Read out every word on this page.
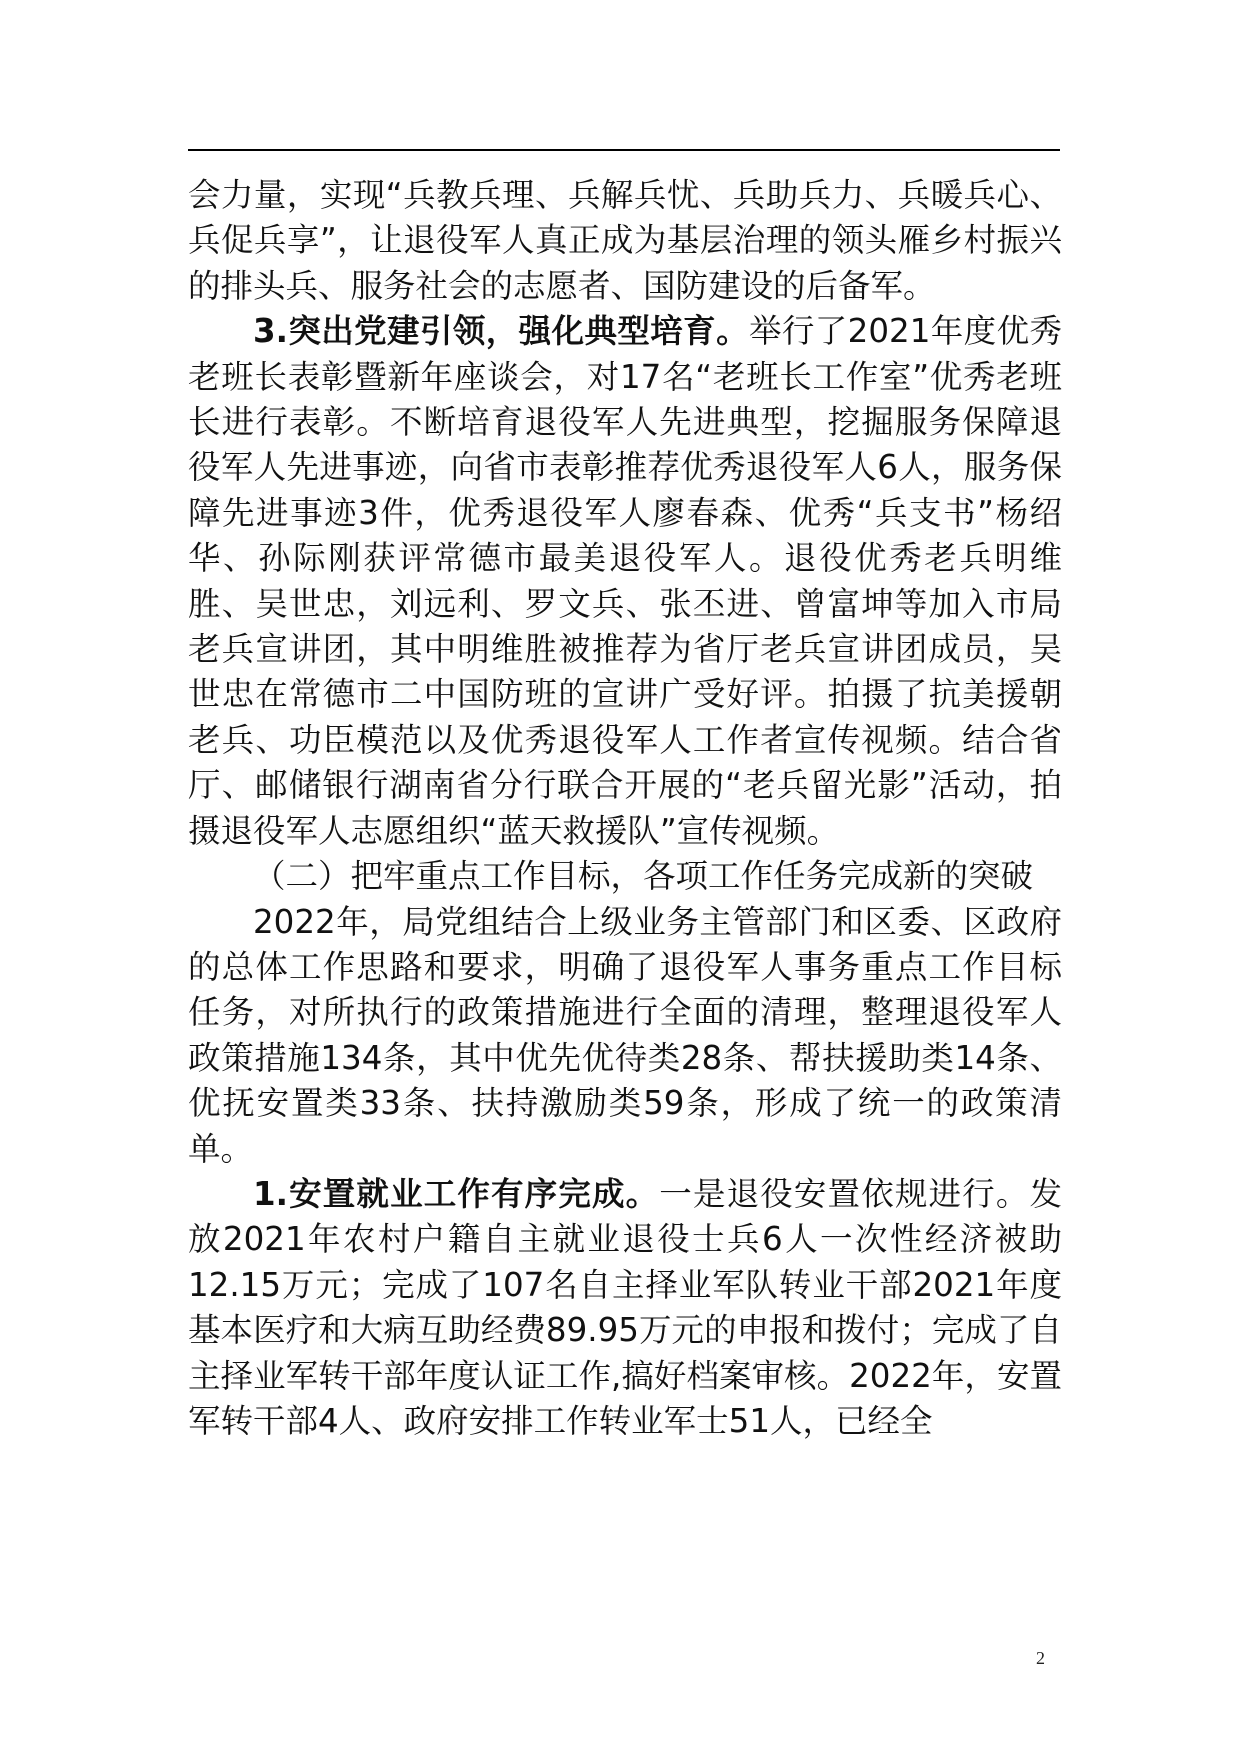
会力量，实现“兵教兵理、兵解兵忧、兵助兵力、兵暖兵心、兵促兵享”，让退役军人真正成为基层治理的领头雁乡村振兴的排头兵、服务社会的志愿者、国防建设的后备军。

3.突出党建引领，强化典型培育。举行了2021年度优秀老班长表彰暨新年座谈会，对17名“老班长工作室”优秀老班长进行表彰。不断培育退役军人先进典型，挖掘服务保障退役军人先进事迹，向省市表彰推荐优秀退役军人6人，服务保障先进事迹3件，优秀退役军人廖春森、优秀“兵支书”杨绍华、孙际刚获评常德市最美退役军人。退役优秀老兵明维胜、吴世忠，刘远利、罗文兵、张丕进、曾富坤等加入市局老兵宣讲团，其中明维胜被推荐为省厅老兵宣讲团成员，吴世忠在常德市二中国防班的宣讲广受好评。拍摄了抗美援朝老兵、功臣模范以及优秀退役军人工作者宣传视频。结合省厅、邮储银行湖南省分行联合开展的“老兵留光影”活动，拍摄退役军人志愿组织“蓝天救援队”宣传视频。

（二）把牢重点工作目标，各项工作任务完成新的突破

2022年，局党组结合上级业务主管部门和区委、区政府的总体工作思路和要求，明确了退役军人事务重点工作目标任务，对所执行的政策措施进行全面的清理，整理退役军人政策措施134条，其中优先优待类28条、帮扶援助类14条、优抚安置类33条、扶持激励类59条，形成了统一的政策清单。

1.安置就业工作有序完成。一是退役安置依规进行。发放2021年农村户籍自主就业退役士兵6人一次性经济被助12.15万元；完成了107名自主择业军队转业干部2021年度基本医疗和大病互助经费89.95万元的申报和拨付；完成了自主择业军转干部年度认证工作,搞好档案审核。2022年，安置军转干部4人、政府安排工作转业军士51人，已经全

2
